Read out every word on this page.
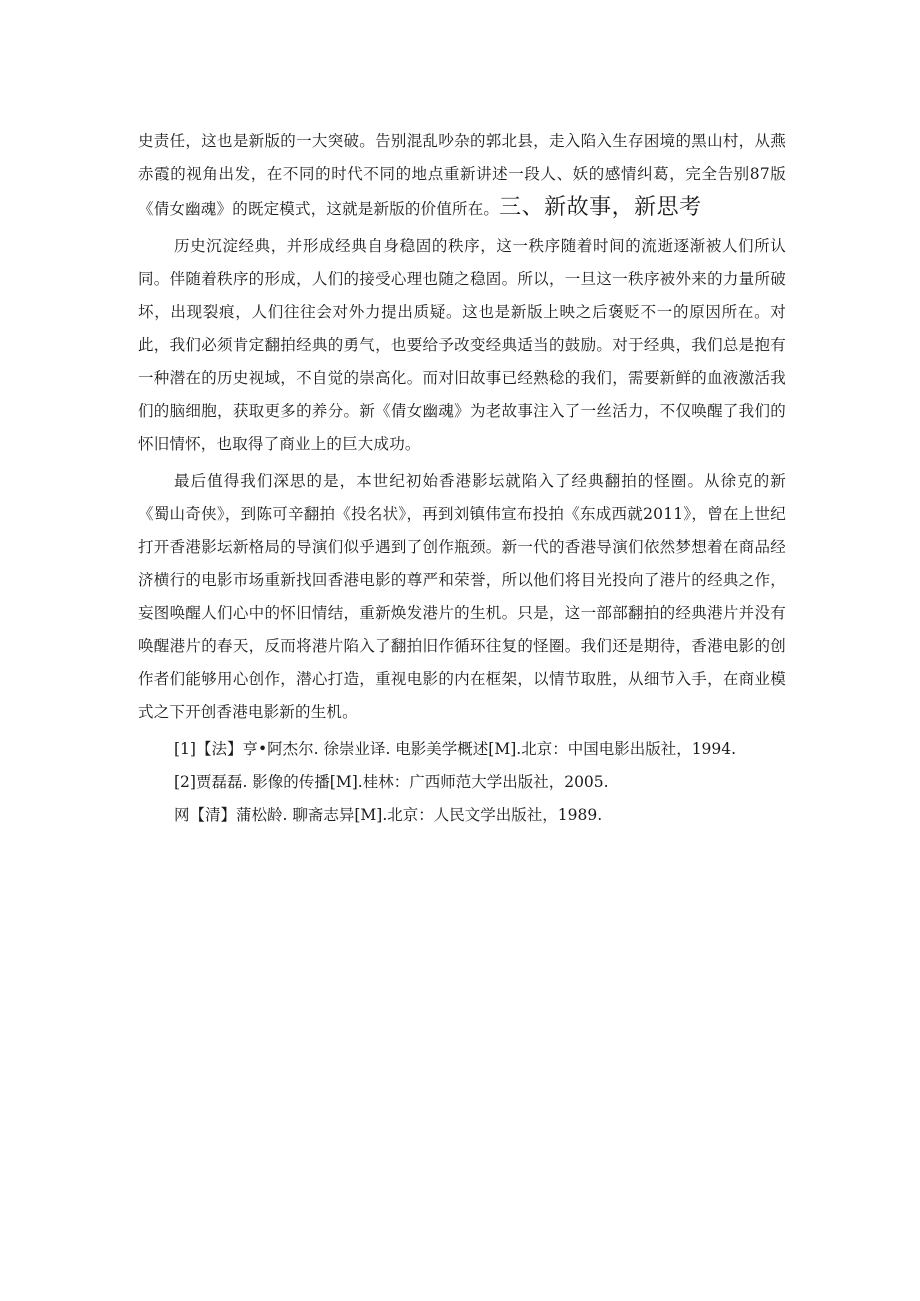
史责任，这也是新版的一大突破。告别混乱吵杂的郭北县，走入陷入生存困境的黑山村，从燕赤霞的视角出发，在不同的时代不同的地点重新讲述一段人、妖的感情纠葛，完全告别87版《倩女幽魂》的既定模式，这就是新版的价值所在。三、新故事，新思考

历史沉淀经典，并形成经典自身稳固的秩序，这一秩序随着时间的流逝逐渐被人们所认同。伴随着秩序的形成，人们的接受心理也随之稳固。所以，一旦这一秩序被外来的力量所破坏，出现裂痕，人们往往会对外力提出质疑。这也是新版上映之后褒贬不一的原因所在。对此，我们必须肯定翻拍经典的勇气，也要给予改变经典适当的鼓励。对于经典，我们总是抱有一种潜在的历史视域，不自觉的崇高化。而对旧故事已经熟稔的我们，需要新鲜的血液激活我们的脑细胞，获取更多的养分。新《倩女幽魂》为老故事注入了一丝活力，不仅唤醒了我们的怀旧情怀，也取得了商业上的巨大成功。

最后值得我们深思的是，本世纪初始香港影坛就陷入了经典翻拍的怪圈。从徐克的新《蜀山奇侠》，到陈可辛翻拍《投名状》，再到刘镇伟宣布投拍《东成西就2011》，曾在上世纪打开香港影坛新格局的导演们似乎遇到了创作瓶颈。新一代的香港导演们依然梦想着在商品经济横行的电影市场重新找回香港电影的尊严和荣誉，所以他们将目光投向了港片的经典之作，妄图唤醒人们心中的怀旧情结，重新焕发港片的生机。只是，这一部部翻拍的经典港片并没有唤醒港片的春天，反而将港片陷入了翻拍旧作循环往复的怪圈。我们还是期待，香港电影的创作者们能够用心创作，潜心打造，重视电影的内在框架，以情节取胜，从细节入手，在商业模式之下开创香港电影新的生机。

[1]【法】亨•阿杰尔. 徐崇业译. 电影美学概述[M].北京：中国电影出版社，1994.

[2]贾磊磊. 影像的传播[M].桂林：广西师范大学出版社，2005.

网【清】蒲松龄. 聊斋志异[M].北京：人民文学出版社，1989.
